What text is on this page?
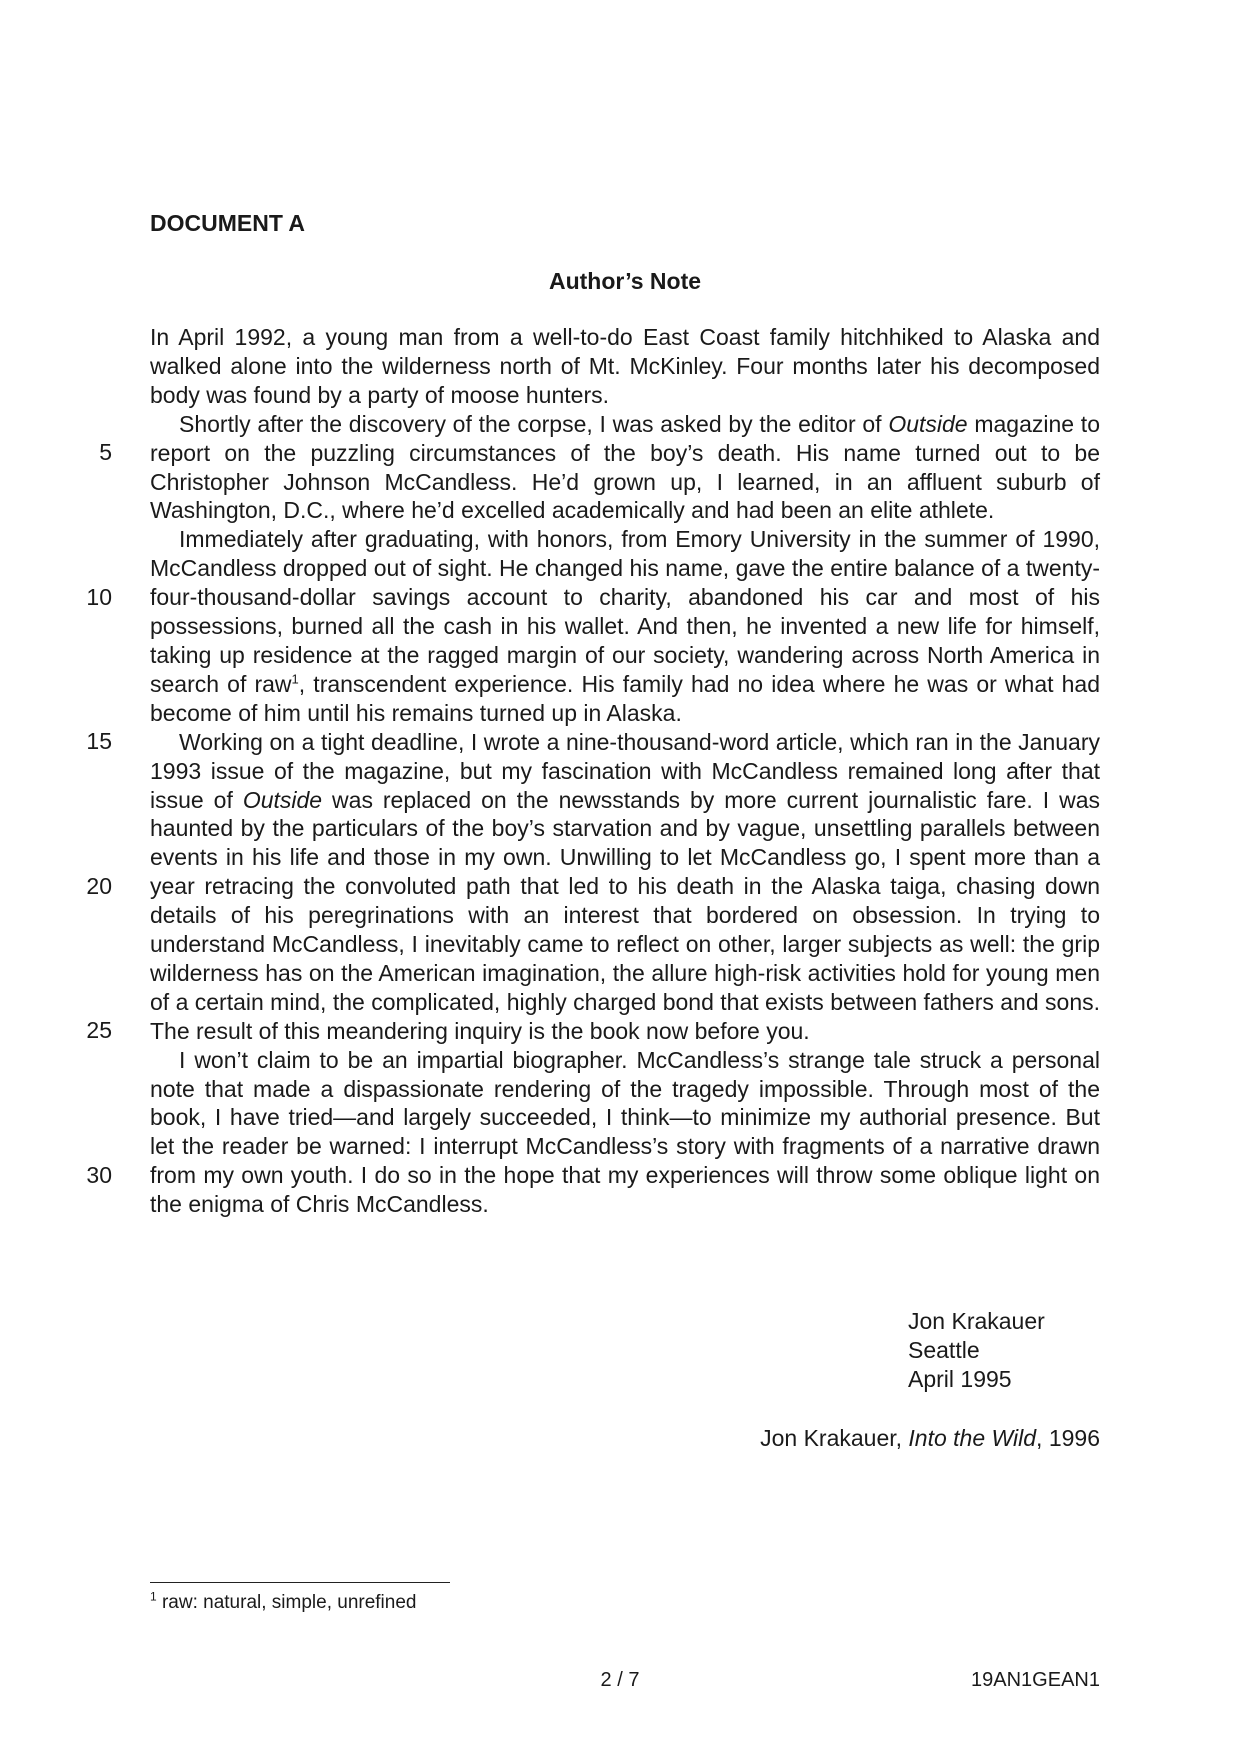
DOCUMENT A
Author’s Note

In April 1992, a young man from a well-to-do East Coast family hitchhiked to Alaska and walked alone into the wilderness north of Mt. McKinley. Four months later his decomposed body was found by a party of moose hunters.

Shortly after the discovery of the corpse, I was asked by the editor of Outside magazine to report on the puzzling circumstances of the boy’s death. His name turned out to be Christopher Johnson McCandless. He’d grown up, I learned, in an affluent suburb of Washington, D.C., where he’d excelled academically and had been an elite athlete.

Immediately after graduating, with honors, from Emory University in the summer of 1990, McCandless dropped out of sight. He changed his name, gave the entire balance of a twenty-four-thousand-dollar savings account to charity, abandoned his car and most of his possessions, burned all the cash in his wallet. And then, he invented a new life for himself, taking up residence at the ragged margin of our society, wandering across North America in search of raw$^1$, transcendent experience. His family had no idea where he was or what had become of him until his remains turned up in Alaska.

Working on a tight deadline, I wrote a nine-thousand-word article, which ran in the January 1993 issue of the magazine, but my fascination with McCandless remained long after that issue of Outside was replaced on the newsstands by more current journalistic fare. I was haunted by the particulars of the boy’s starvation and by vague, unsettling parallels between events in his life and those in my own. Unwilling to let McCandless go, I spent more than a year retracing the convoluted path that led to his death in the Alaska taiga, chasing down details of his peregrinations with an interest that bordered on obsession. In trying to understand McCandless, I inevitably came to reflect on other, larger subjects as well: the grip wilderness has on the American imagination, the allure high-risk activities hold for young men of a certain mind, the complicated, highly charged bond that exists between fathers and sons. The result of this meandering inquiry is the book now before you.

I won’t claim to be an impartial biographer. McCandless’s strange tale struck a personal note that made a dispassionate rendering of the tragedy impossible. Through most of the book, I have tried—and largely succeeded, I think—to minimize my authorial presence. But let the reader be warned: I interrupt McCandless’s story with fragments of a narrative drawn from my own youth. I do so in the hope that my experiences will throw some oblique light on the enigma of Chris McCandless.

5
10
15
20
25
30
Jon Krakauer
Seattle
April 1995
Jon Krakauer, Into the Wild, 1996
$^1$ raw: natural, simple, unrefined
2 / 7	19AN1GEAN1
